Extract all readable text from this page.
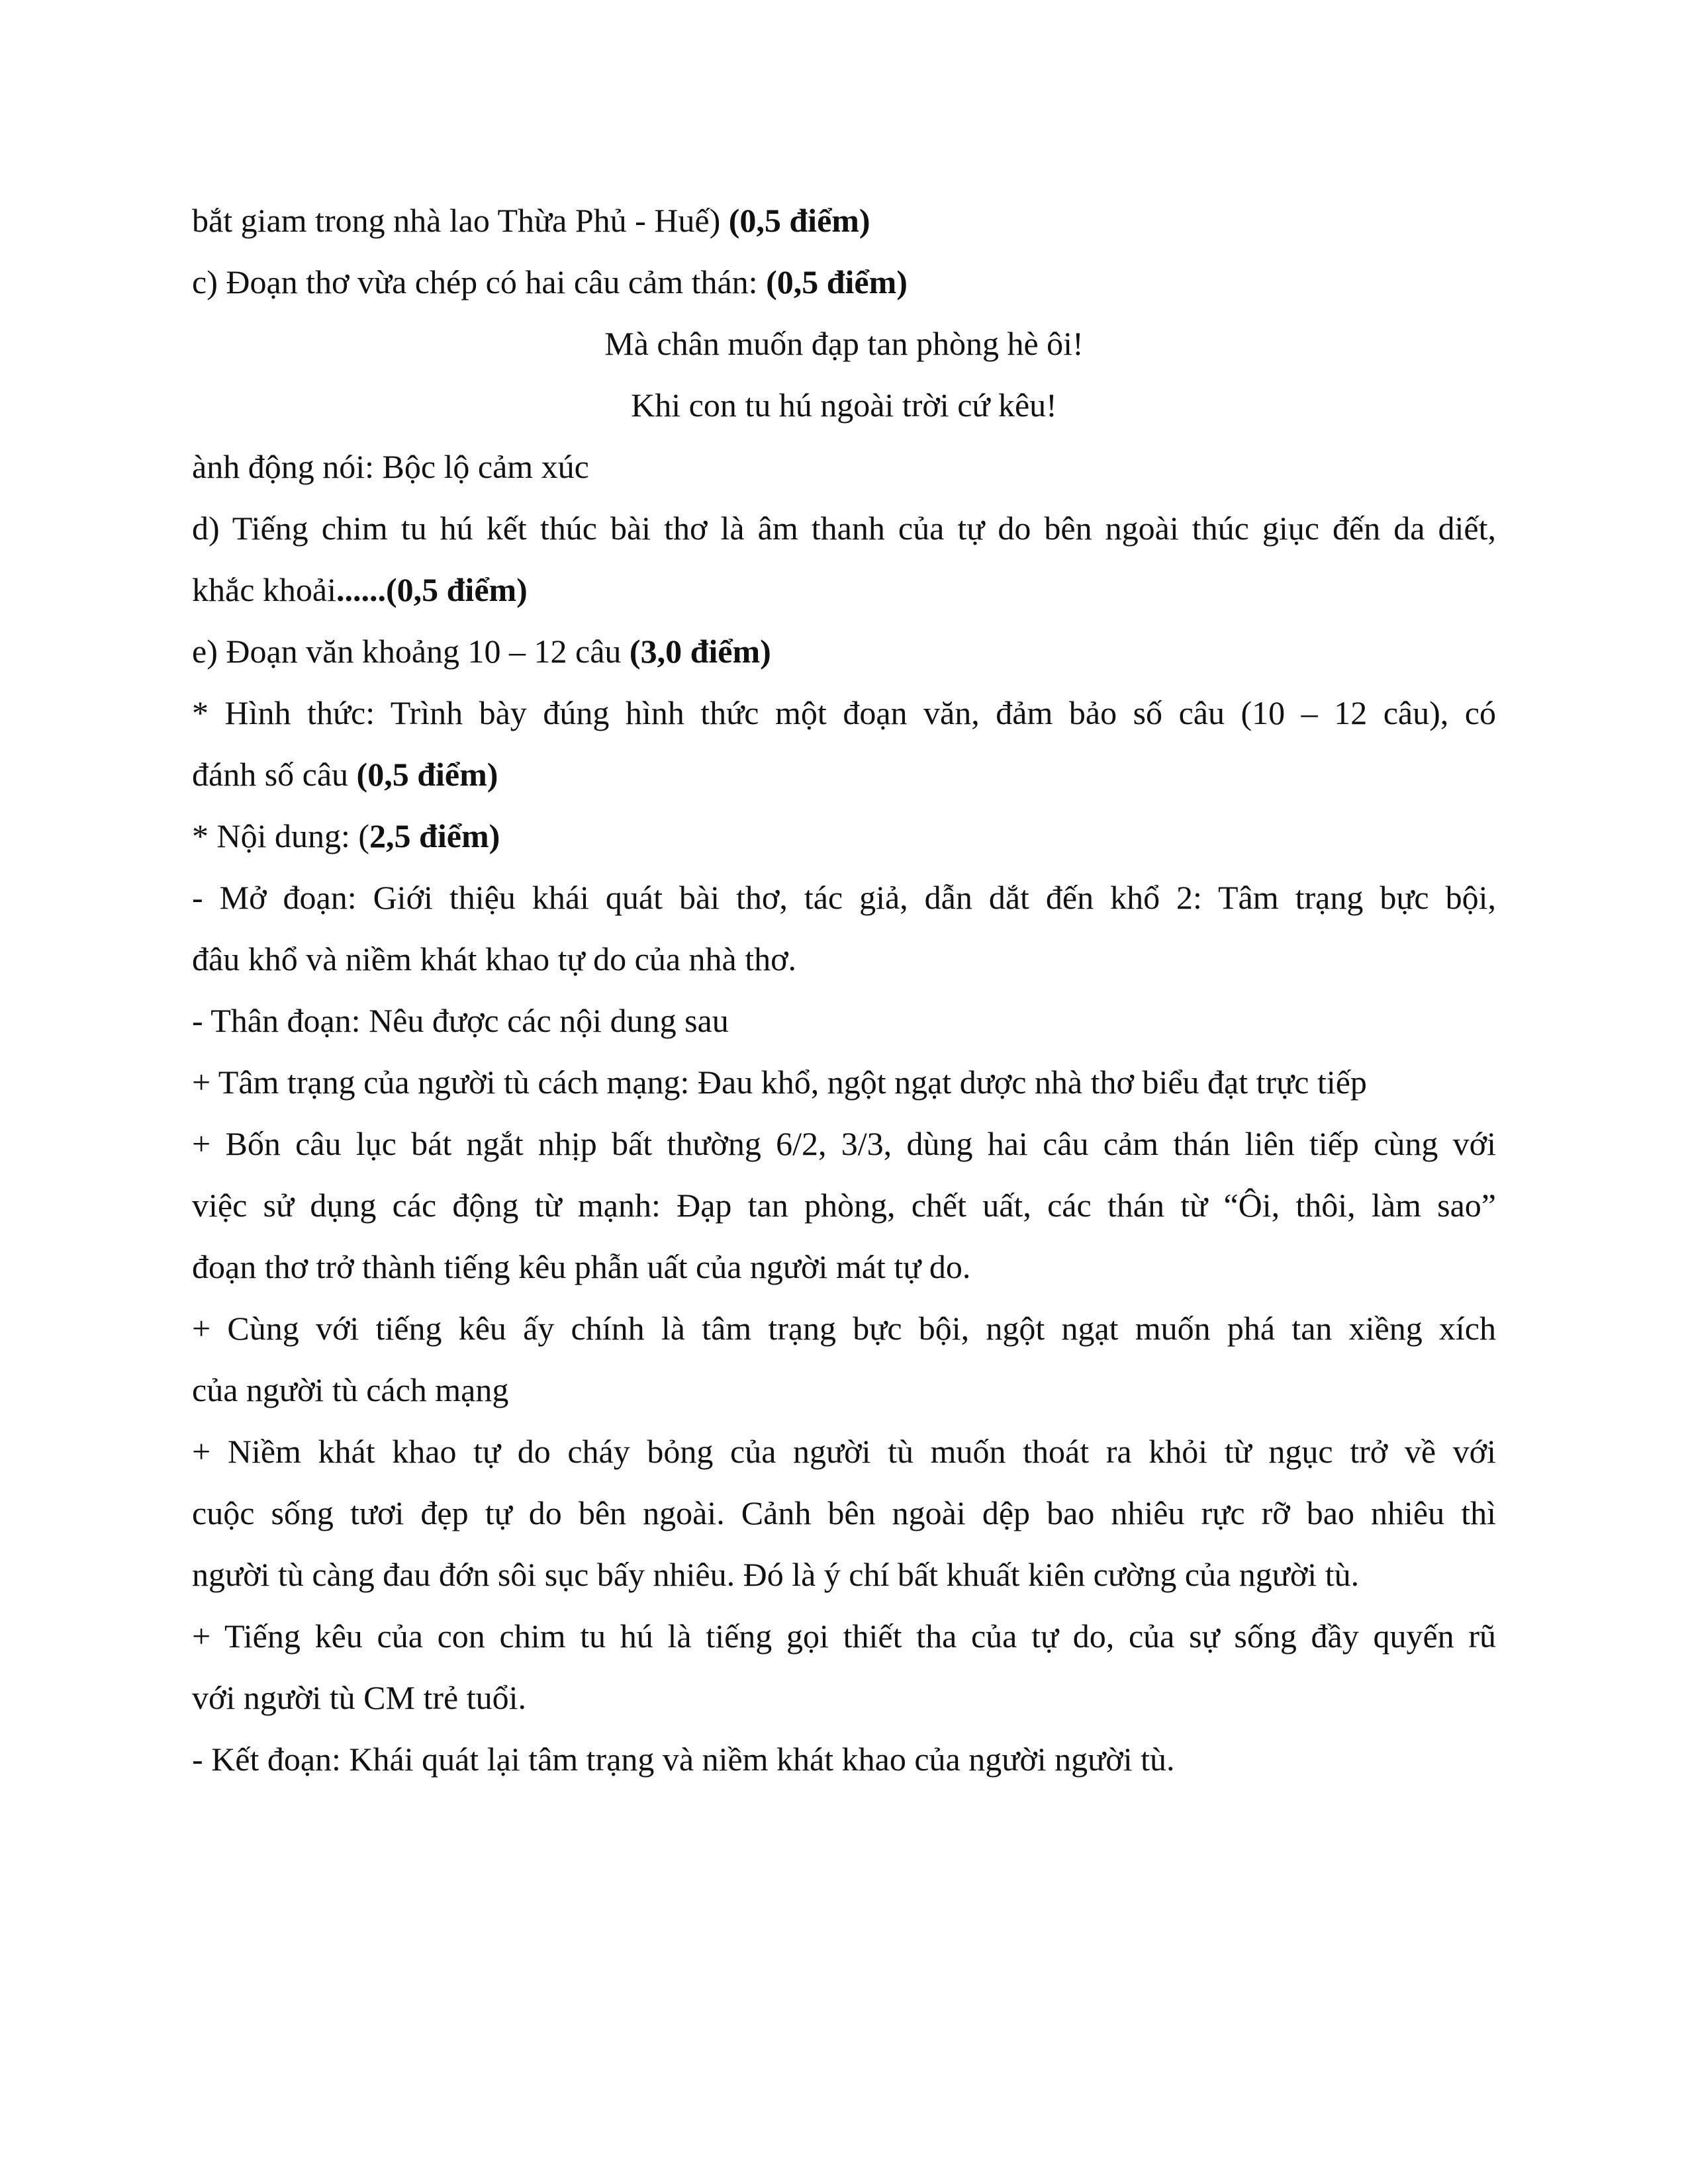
bắt giam trong nhà lao Thừa Phủ - Huế) (0,5 điểm)
c) Đoạn thơ vừa chép có hai câu cảm thán: (0,5 điểm)
Mà chân muốn đạp tan phòng hè ôi!
Khi con tu hú ngoài trời cứ kêu!
ành động nói: Bộc lộ cảm xúc
d) Tiếng chim tu hú kết thúc bài thơ là âm thanh của tự do bên ngoài thúc giục đến da diết,
khắc khoải......(0,5 điểm)
e) Đoạn văn khoảng 10 – 12 câu (3,0 điểm)
* Hình thức: Trình bày đúng hình thức một đoạn văn, đảm bảo số câu (10 – 12 câu), có
đánh số câu (0,5 điểm)
* Nội dung: (2,5 điểm)
- Mở đoạn: Giới thiệu khái quát bài thơ, tác giả, dẫn dắt đến khổ 2: Tâm trạng bực bội,
đâu khổ và niềm khát khao tự do của nhà thơ.
- Thân đoạn: Nêu được các nội dung sau
+ Tâm trạng của người tù cách mạng: Đau khổ, ngột ngạt dược nhà thơ biểu đạt trực tiếp
+ Bốn câu lục bát ngắt nhịp bất thường 6/2, 3/3, dùng hai câu cảm thán liên tiếp cùng với
việc sử dụng các động từ mạnh: Đạp tan phòng, chết uất, các thán từ “Ôi, thôi, làm sao”
đoạn thơ trở thành tiếng kêu phẫn uất của người mát tự do.
+ Cùng với tiếng kêu ấy chính là tâm trạng bực bội, ngột ngạt muốn phá tan xiềng xích
của người tù cách mạng
+ Niềm khát khao tự do cháy bỏng của người tù muốn thoát ra khỏi từ ngục trở về với
cuộc sống tươi đẹp tự do bên ngoài. Cảnh bên ngoài dệp bao nhiêu rực rỡ bao nhiêu thì
người tù càng đau đớn sôi sục bấy nhiêu. Đó là ý chí bất khuất kiên cường của người tù.
+ Tiếng kêu của con chim tu hú là tiếng gọi thiết tha của tự do, của sự sống đầy quyến rũ
với người tù CM trẻ tuổi.
- Kết đoạn: Khái quát lại tâm trạng và niềm khát khao của người người tù.
